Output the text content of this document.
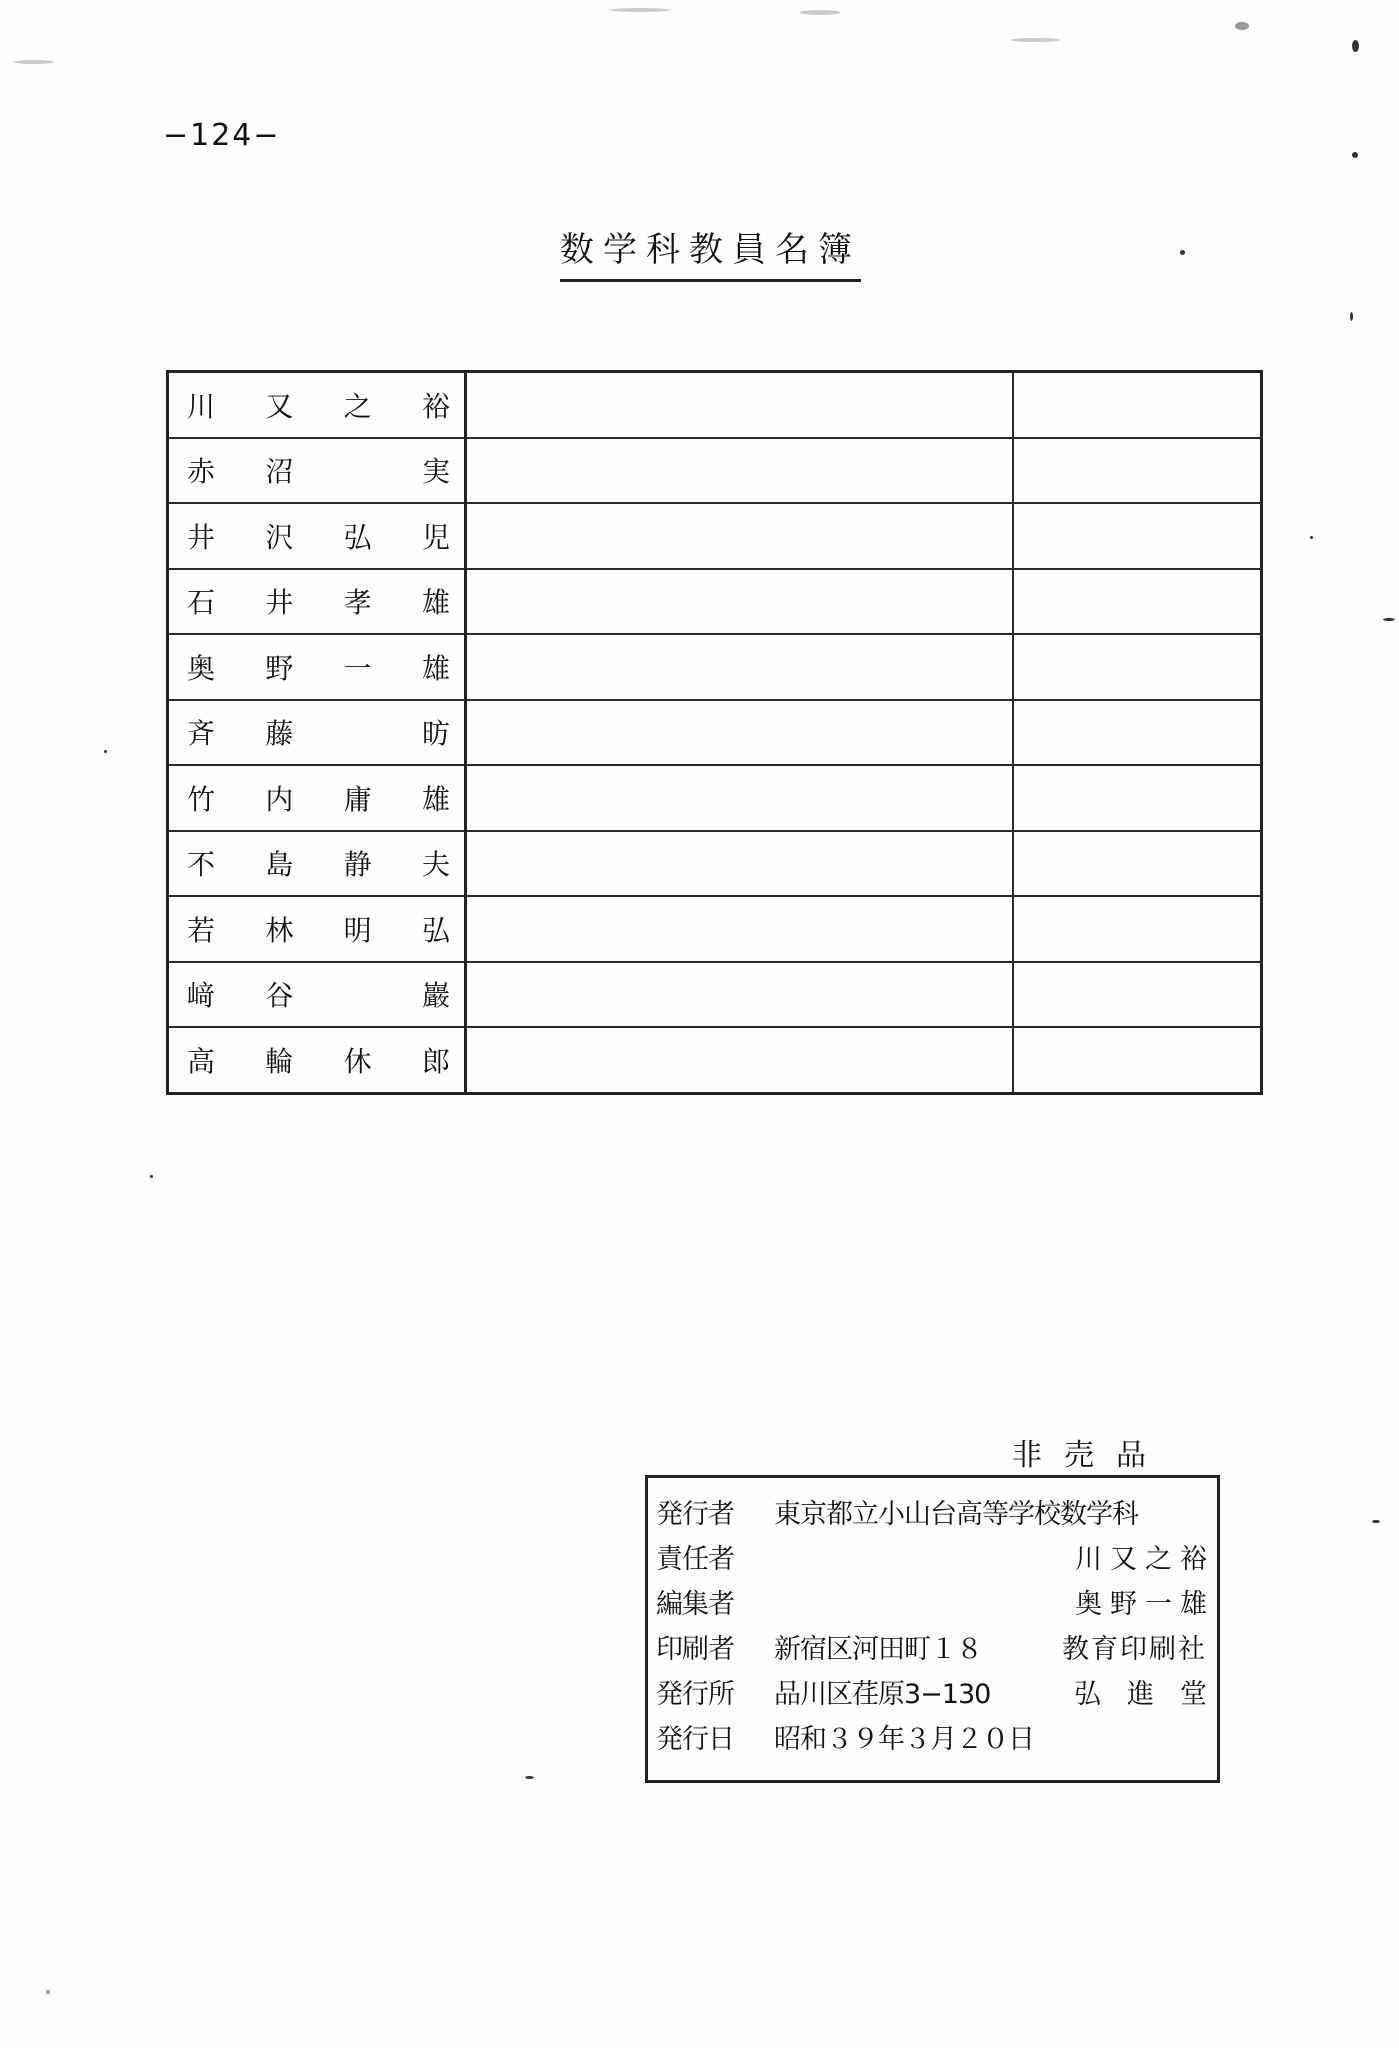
−124−
数学科教員名簿
川又之裕		

赤沼　実		

井沢弘児		

石井孝雄		

奥野一雄		

斉藤　昉		

竹内庸雄		

不島静夫		

若林明弘		

﨑谷　巖		

高輪休郎		

非売品
発行者 東京都立小山台高等学校数学科
責任者	川又之裕
編集者	奥野一雄
印刷者 新宿区河田町１８	教育印刷社
発行所 品川区荏原3−130	弘進堂
発行日 昭和３９年３月２０日
